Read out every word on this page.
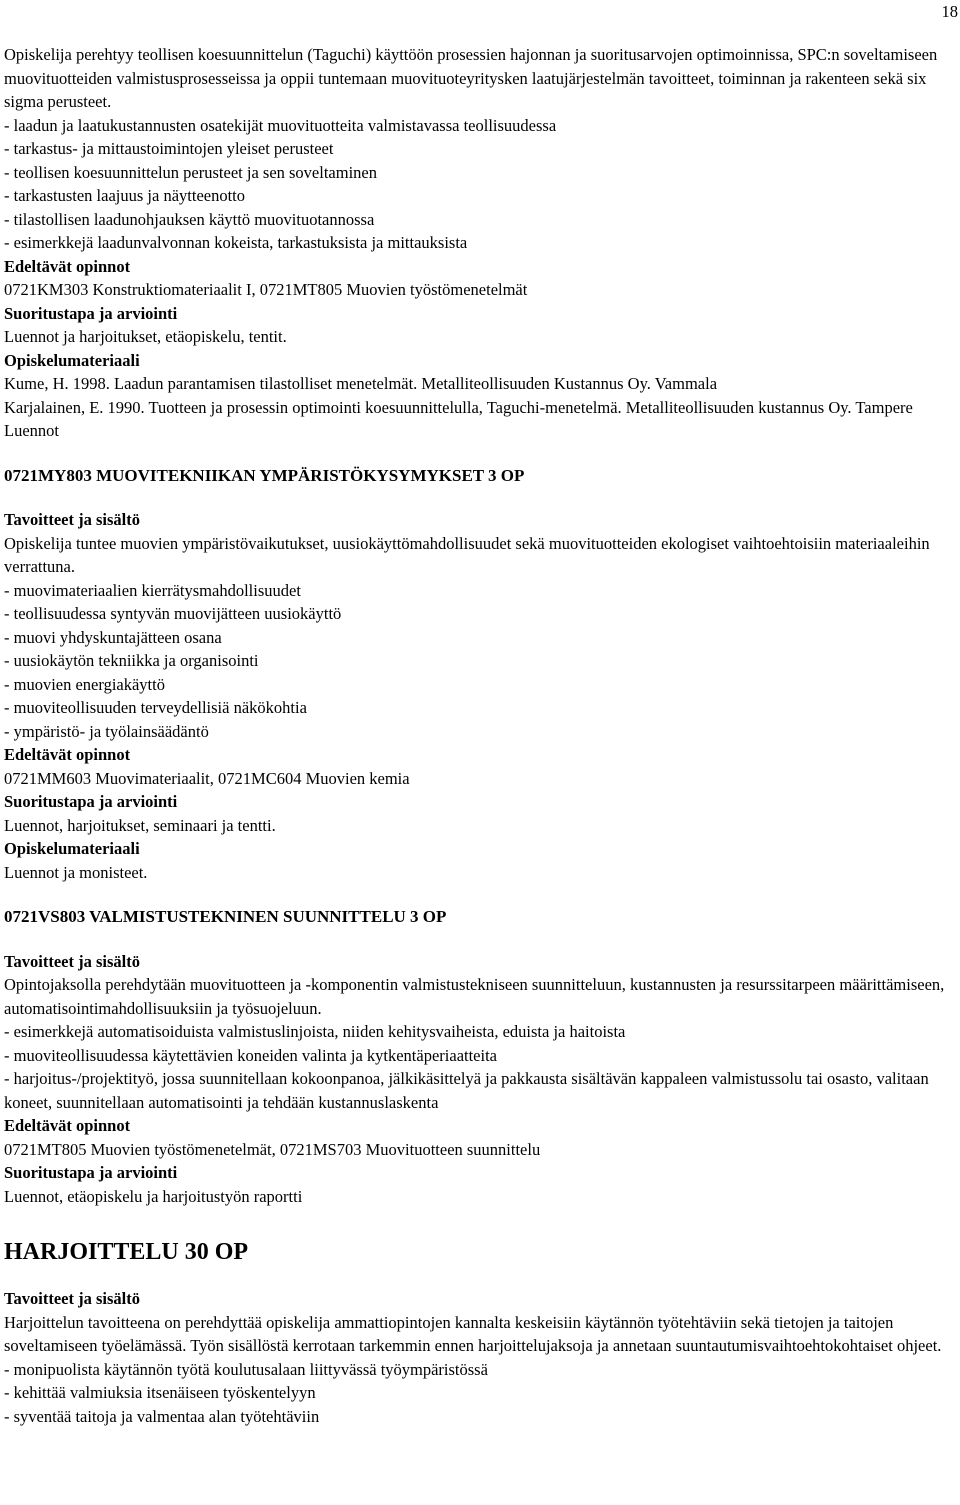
18

Opiskelija perehtyy teollisen koesuunnittelun (Taguchi) käyttöön prosessien hajonnan ja suoritusarvojen optimoinnissa, SPC:n soveltamiseen muovituotteiden valmistusprosesseissa ja oppii tuntemaan muovituoteyritysken laatujärjestelmän tavoitteet, toiminnan ja rakenteen sekä six sigma perusteet.

- laadun ja laatukustannusten osatekijät muovituotteita valmistavassa teollisuudessa

- tarkastus- ja mittaustoimintojen yleiset perusteet

- teollisen koesuunnittelun perusteet ja sen soveltaminen

- tarkastusten laajuus ja näytteenotto

- tilastollisen laadunohjauksen käyttö muovituotannossa

- esimerkkejä laadunvalvonnan kokeista, tarkastuksista ja mittauksista

Edeltävät opinnot

0721KM303 Konstruktiomateriaalit I, 0721MT805 Muovien työstömenetelmät

Suoritustapa ja arviointi

Luennot ja harjoitukset, etäopiskelu, tentit.

Opiskelumateriaali

Kume, H. 1998. Laadun parantamisen tilastolliset menetelmät. Metalliteollisuuden Kustannus Oy. Vammala

Karjalainen, E. 1990. Tuotteen ja prosessin optimointi koesuunnittelulla, Taguchi-menetelmä. Metalliteollisuuden kustannus Oy. Tampere

Luennot

0721MY803 MUOVITEKNIIKAN YMPÄRISTÖKYSYMYKSET 3 OP

Tavoitteet ja sisältö

Opiskelija tuntee muovien ympäristövaikutukset, uusiokäyttömahdollisuudet sekä muovituotteiden ekologiset vaihtoehtoisiin materiaaleihin verrattuna.

- muovimateriaalien kierrätysmahdollisuudet

- teollisuudessa syntyvän muovijätteen uusiokäyttö

- muovi yhdyskuntajätteen osana

- uusiokäytön tekniikka ja organisointi

- muovien energiakäyttö

- muoviteollisuuden terveydellisiä näkökohtia

- ympäristö- ja työlainsäädäntö

Edeltävät opinnot

0721MM603 Muovimateriaalit, 0721MC604 Muovien kemia

Suoritustapa ja arviointi

Luennot, harjoitukset, seminaari ja tentti.

Opiskelumateriaali

Luennot ja monisteet.

0721VS803 VALMISTUSTEKNINEN SUUNNITTELU 3 OP

Tavoitteet ja sisältö

Opintojaksolla perehdytään muovituotteen ja -komponentin valmistustekniseen suunnitteluun, kustannusten ja resurssitarpeen määrittämiseen, automatisointimahdollisuuksiin ja työsuojeluun.

- esimerkkejä automatisoiduista valmistuslinjoista, niiden kehitysvaiheista, eduista ja haitoista

- muoviteollisuudessa käytettävien koneiden valinta ja kytkentäperiaatteita

- harjoitus-/projektityö, jossa suunnitellaan kokoonpanoa, jälkikäsittelyä ja pakkausta sisältävän kappaleen valmistussolu tai osasto, valitaan koneet, suunnitellaan automatisointi ja tehdään kustannuslaskenta

Edeltävät opinnot

0721MT805 Muovien työstömenetelmät, 0721MS703 Muovituotteen suunnittelu

Suoritustapa ja arviointi

Luennot, etäopiskelu ja harjoitustyön raportti

HARJOITTELU 30 OP

Tavoitteet ja sisältö

Harjoittelun tavoitteena on perehdyttää opiskelija ammattiopintojen kannalta keskeisiin käytännön työtehtäviin sekä tietojen ja taitojen soveltamiseen työelämässä. Työn sisällöstä kerrotaan tarkemmin ennen harjoittelujaksoja ja annetaan suuntautumisvaihtoehtokohtaiset ohjeet.

- monipuolista käytännön työtä koulutusalaan liittyvässä työympäristössä

- kehittää valmiuksia itsenäiseen työskentelyyn

- syventää taitoja ja valmentaa alan työtehtäviin
